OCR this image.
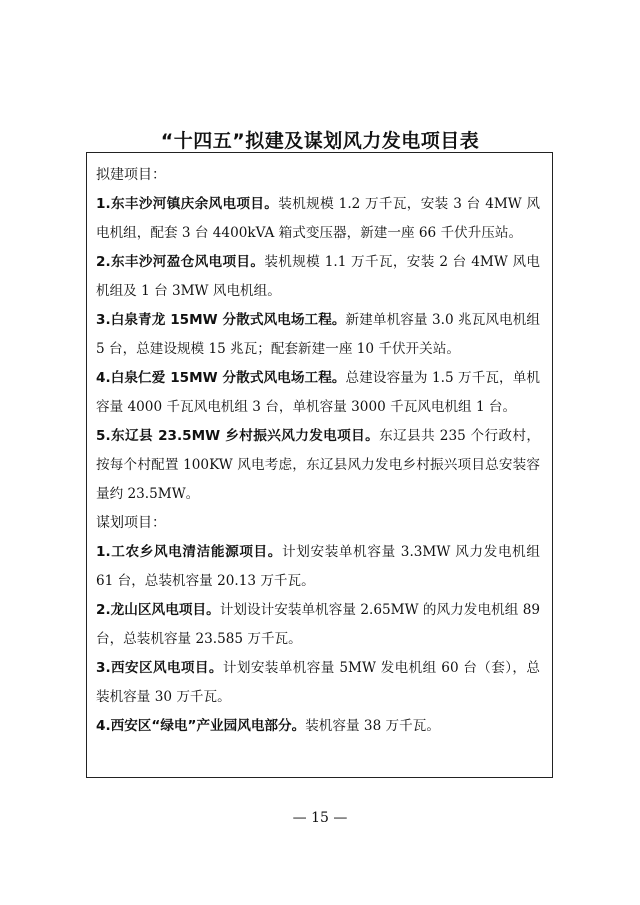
“十四五”拟建及谋划风力发电项目表

拟建项目：

1.东丰沙河镇庆余风电项目。装机规模 1.2 万千瓦，安装 3 台 4MW 风电机组，配套 3 台 4400kVA 箱式变压器，新建一座 66 千伏升压站。

2.东丰沙河盈仓风电项目。装机规模 1.1 万千瓦，安装 2 台 4MW 风电机组及 1 台 3MW 风电机组。

3.白泉青龙 15MW 分散式风电场工程。新建单机容量 3.0 兆瓦风电机组 5 台，总建设规模 15 兆瓦；配套新建一座 10 千伏开关站。

4.白泉仁爱 15MW 分散式风电场工程。总建设容量为 1.5 万千瓦，单机容量 4000 千瓦风电机组 3 台，单机容量 3000 千瓦风电机组 1 台。

5.东辽县 23.5MW 乡村振兴风力发电项目。东辽县共 235 个行政村，按每个村配置 100KW 风电考虑，东辽县风力发电乡村振兴项目总安装容量约 23.5MW。

谋划项目：

1.工农乡风电清洁能源项目。计划安装单机容量 3.3MW 风力发电机组 61 台，总装机容量 20.13 万千瓦。

2.龙山区风电项目。计划设计安装单机容量 2.65MW 的风力发电机组 89 台，总装机容量 23.585 万千瓦。

3.西安区风电项目。计划安装单机容量 5MW 发电机组 60 台（套），总装机容量 30 万千瓦。

4.西安区“绿电”产业园风电部分。装机容量 38 万千瓦。

— 15 —
